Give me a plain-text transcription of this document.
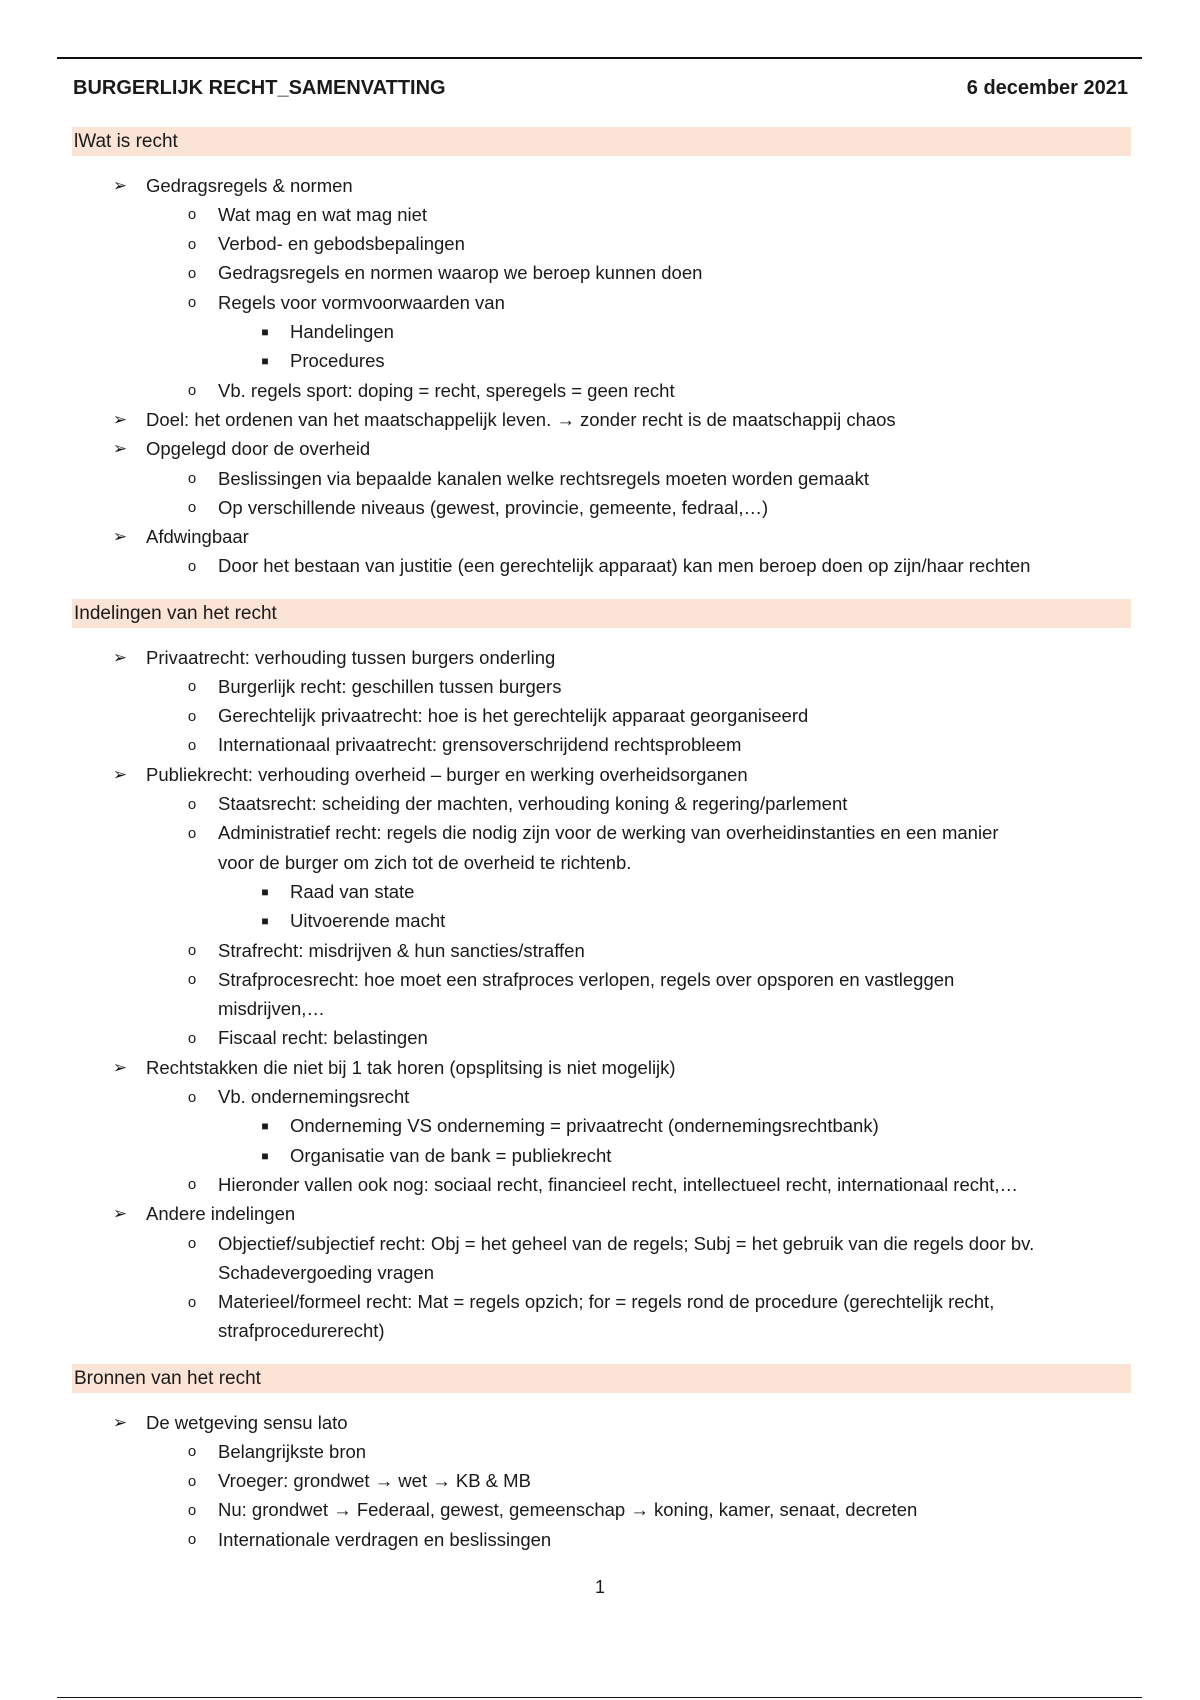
BURGERLIJK RECHT_SAMENVATTING	6 december 2021
lWat is recht
➢ Gedragsregels & normen
o	Wat mag en wat mag niet
o	Verbod- en gebodsbepalingen
o	Gedragsregels en normen waarop we beroep kunnen doen
o	Regels voor vormvoorwaarden van
■	Handelingen
■	Procedures
o	Vb. regels sport: doping = recht, speregels = geen recht
➢ Doel: het ordenen van het maatschappelijk leven. → zonder recht is de maatschappij chaos
➢ Opgelegd door de overheid
o	Beslissingen via bepaalde kanalen welke rechtsregels moeten worden gemaakt
o	Op verschillende niveaus (gewest, provincie, gemeente, fedraal,…)
➢ Afdwingbaar
o	Door het bestaan van justitie (een gerechtelijk apparaat) kan men beroep doen op zijn/haar rechten
Indelingen van het recht
➢ Privaatrecht: verhouding tussen burgers onderling
o	Burgerlijk recht: geschillen tussen burgers
o	Gerechtelijk privaatrecht: hoe is het gerechtelijk apparaat georganiseerd
o	Internationaal privaatrecht: grensoverschrijdend rechtsprobleem
➢ Publiekrecht: verhouding overheid – burger en werking overheidsorganen
o	Staatsrecht: scheiding der machten, verhouding koning & regering/parlement
o	Administratief recht: regels die nodig zijn voor de werking van overheidinstanties en een manier
voor de burger om zich tot de overheid te richtenb.
■	Raad van state
■	Uitvoerende macht
o	Strafrecht: misdrijven & hun sancties/straffen
o	Strafprocesrecht: hoe moet een strafproces verlopen, regels over opsporen en vastleggen
misdrijven,…
o	Fiscaal recht: belastingen
➢ Rechtstakken die niet bij 1 tak horen (opsplitsing is niet mogelijk)
o	Vb. ondernemingsrecht
■	Onderneming VS onderneming = privaatrecht (ondernemingsrechtbank)
■	Organisatie van de bank = publiekrecht
o	Hieronder vallen ook nog: sociaal recht, financieel recht, intellectueel recht, internationaal recht,…
➢ Andere indelingen
o	Objectief/subjectief recht: Obj = het geheel van de regels; Subj = het gebruik van die regels door bv.
Schadevergoeding vragen
o	Materieel/formeel recht: Mat = regels opzich; for = regels rond de procedure (gerechtelijk recht,
strafprocedurerecht)
Bronnen van het recht
➢ De wetgeving sensu lato
o	Belangrijkste bron
o	Vroeger: grondwet → wet → KB & MB
o	Nu: grondwet → Federaal, gewest, gemeenschap → koning, kamer, senaat, decreten
o	Internationale verdragen en beslissingen
1
